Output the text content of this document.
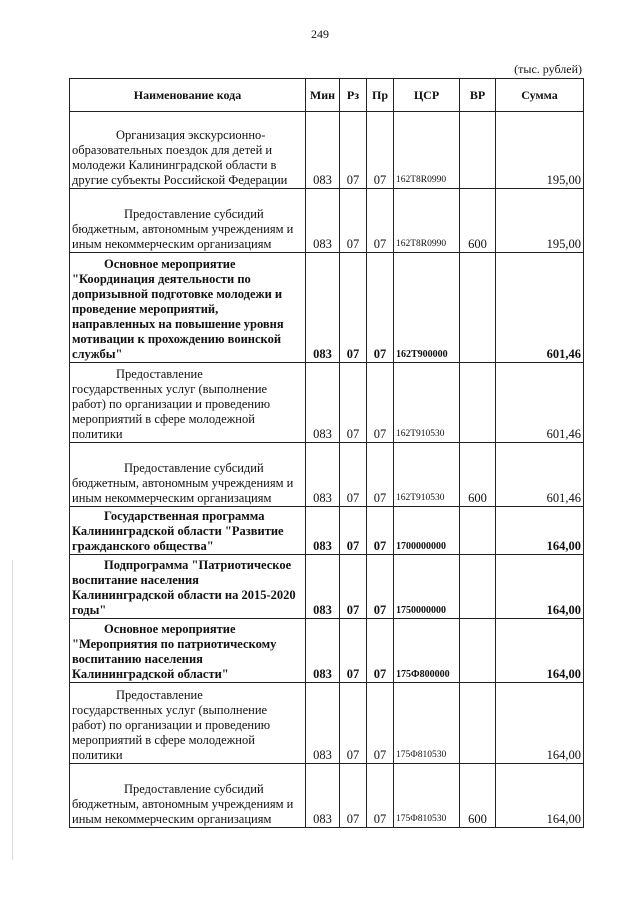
249
(тыс. рублей)
Наименование кода	Мин	Рз	Пр	ЦСР	ВР	Сумма

Организация экскурсионно-
образовательных поездок для детей и молодежи Калининградской области в другие субъекты Российской Федерации	083	07	07	162T8R0990		195,00

Предоставление субсидий
бюджетным, автономным учреждениям и иным некоммерческим организациям	083	07	07	162T8R0990	600	195,00

Основное мероприятие
"Координация деятельности по допризывной подготовке молодежи и проведение мероприятий, направленных на повышение уровня мотивации к прохождению воинской службы"	083	07	07	162T900000		601,46

Предоставление
государственных услуг (выполнение работ) по организации и проведению мероприятий в сфере молодежной политики	083	07	07	162T910530		601,46

Предоставление субсидий
бюджетным, автономным учреждениям и иным некоммерческим организациям	083	07	07	162T910530	600	601,46

Государственная программа
Калининградской области "Развитие гражданского общества"	083	07	07	1700000000		164,00

Подпрограмма "Патриотическое
воспитание населения Калининградской области на 2015-2020 годы"	083	07	07	1750000000		164,00

Основное мероприятие
"Мероприятия по патриотическому воспитанию населения Калининградской области"	083	07	07	175Ф800000		164,00

Предоставление
государственных услуг (выполнение работ) по организации и проведению мероприятий в сфере молодежной политики	083	07	07	175Ф810530		164,00

Предоставление субсидий
бюджетным, автономным учреждениям и иным некоммерческим организациям	083	07	07	175Ф810530	600	164,00
